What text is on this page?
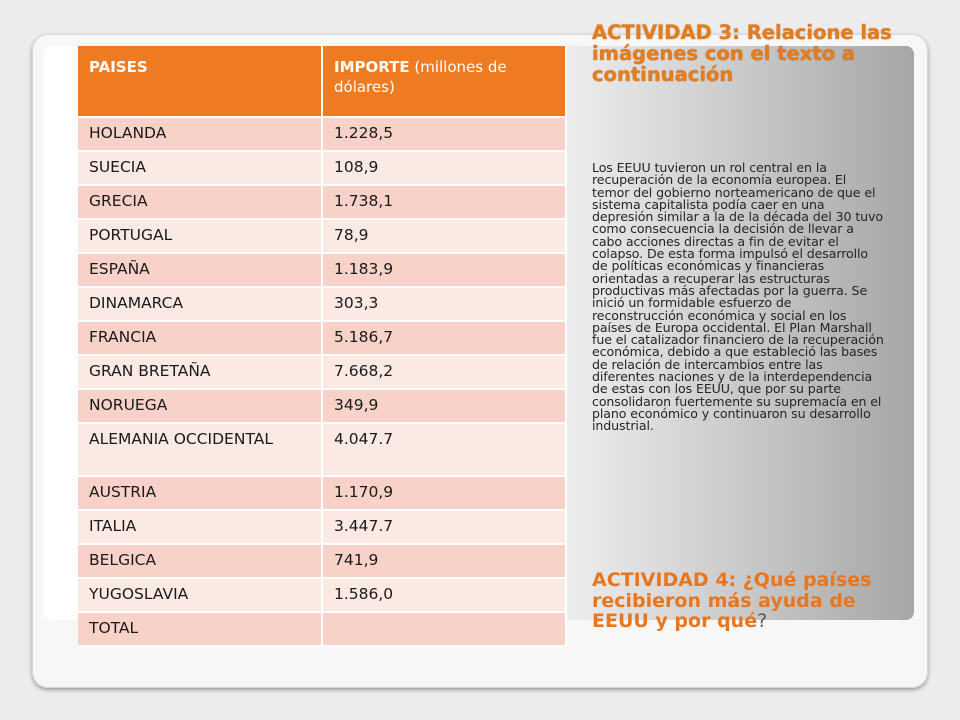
PAISES	IMPORTE (millones de dólares)
HOLANDA	1.228,5
SUECIA	108,9
GRECIA	1.738,1
PORTUGAL	78,9
ESPAÑA	1.183,9
DINAMARCA	303,3
FRANCIA	5.186,7
GRAN BRETAÑA	7.668,2
NORUEGA	349,9
ALEMANIA OCCIDENTAL	4.047.7
AUSTRIA	1.170,9
ITALIA	3.447.7
BELGICA	741,9
YUGOSLAVIA	1.586,0
TOTAL	
ACTIVIDAD 3: Relacione las imágenes con el texto a continuación
Los EEUU tuvieron un rol central en la recuperación de la economía europea. El temor del gobierno norteamericano de que el sistema capitalista podía caer en una depresión similar a la de la década del 30 tuvo como consecuencia la decisión de llevar a cabo acciones directas a fin de evitar el colapso. De esta forma impulsó el desarrollo de políticas económicas y financieras orientadas a recuperar las estructuras productivas más afectadas por la guerra. Se inició un formidable esfuerzo de reconstrucción económica y social en los países de Europa occidental. El Plan Marshall fue el catalizador financiero de la recuperación económica, debido a que estableció las bases de relación de intercambios entre las diferentes naciones y de la interdependencia de estas con los EEUU, que por su parte consolidaron fuertemente su supremacía en el plano económico y continuaron su desarrollo industrial.
ACTIVIDAD 4: ¿Qué países recibieron más ayuda de EEUU y por qué?
